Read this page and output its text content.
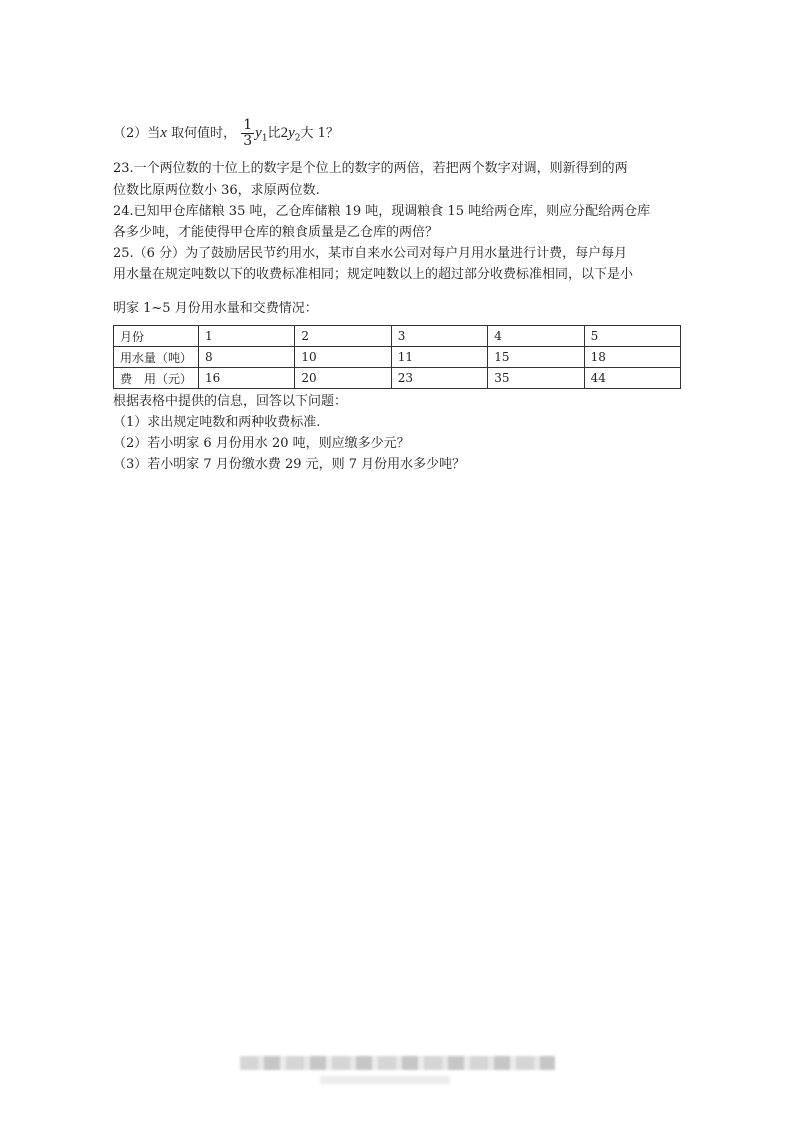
（2）当x 取何值时， $\frac{1}{3} y_1$比$2y_2$大 1？
23.一个两位数的十位上的数字是个位上的数字的两倍，若把两个数字对调，则新得到的两
位数比原两位数小 36，求原两位数.
24.已知甲仓库储粮 35 吨，乙仓库储粮 19 吨，现调粮食 15 吨给两仓库，则应分配给两仓库
各多少吨，才能使得甲仓库的粮食质量是乙仓库的两倍？
25.（6 分）为了鼓励居民节约用水，某市自来水公司对每户月用水量进行计费，每户每月
用水量在规定吨数以下的收费标准相同；规定吨数以上的超过部分收费标准相同，以下是小
明家 1~5 月份用水量和交费情况：
月份	1	2	3	4	5
用水量（吨）	8	10	11	15	18
费　用（元）	16	20	23	35	44
根据表格中提供的信息，回答以下问题：
（1）求出规定吨数和两种收费标准.
（2）若小明家 6 月份用水 20 吨，则应缴多少元？
（3）若小明家 7 月份缴水费 29 元，则 7 月份用水多少吨？
